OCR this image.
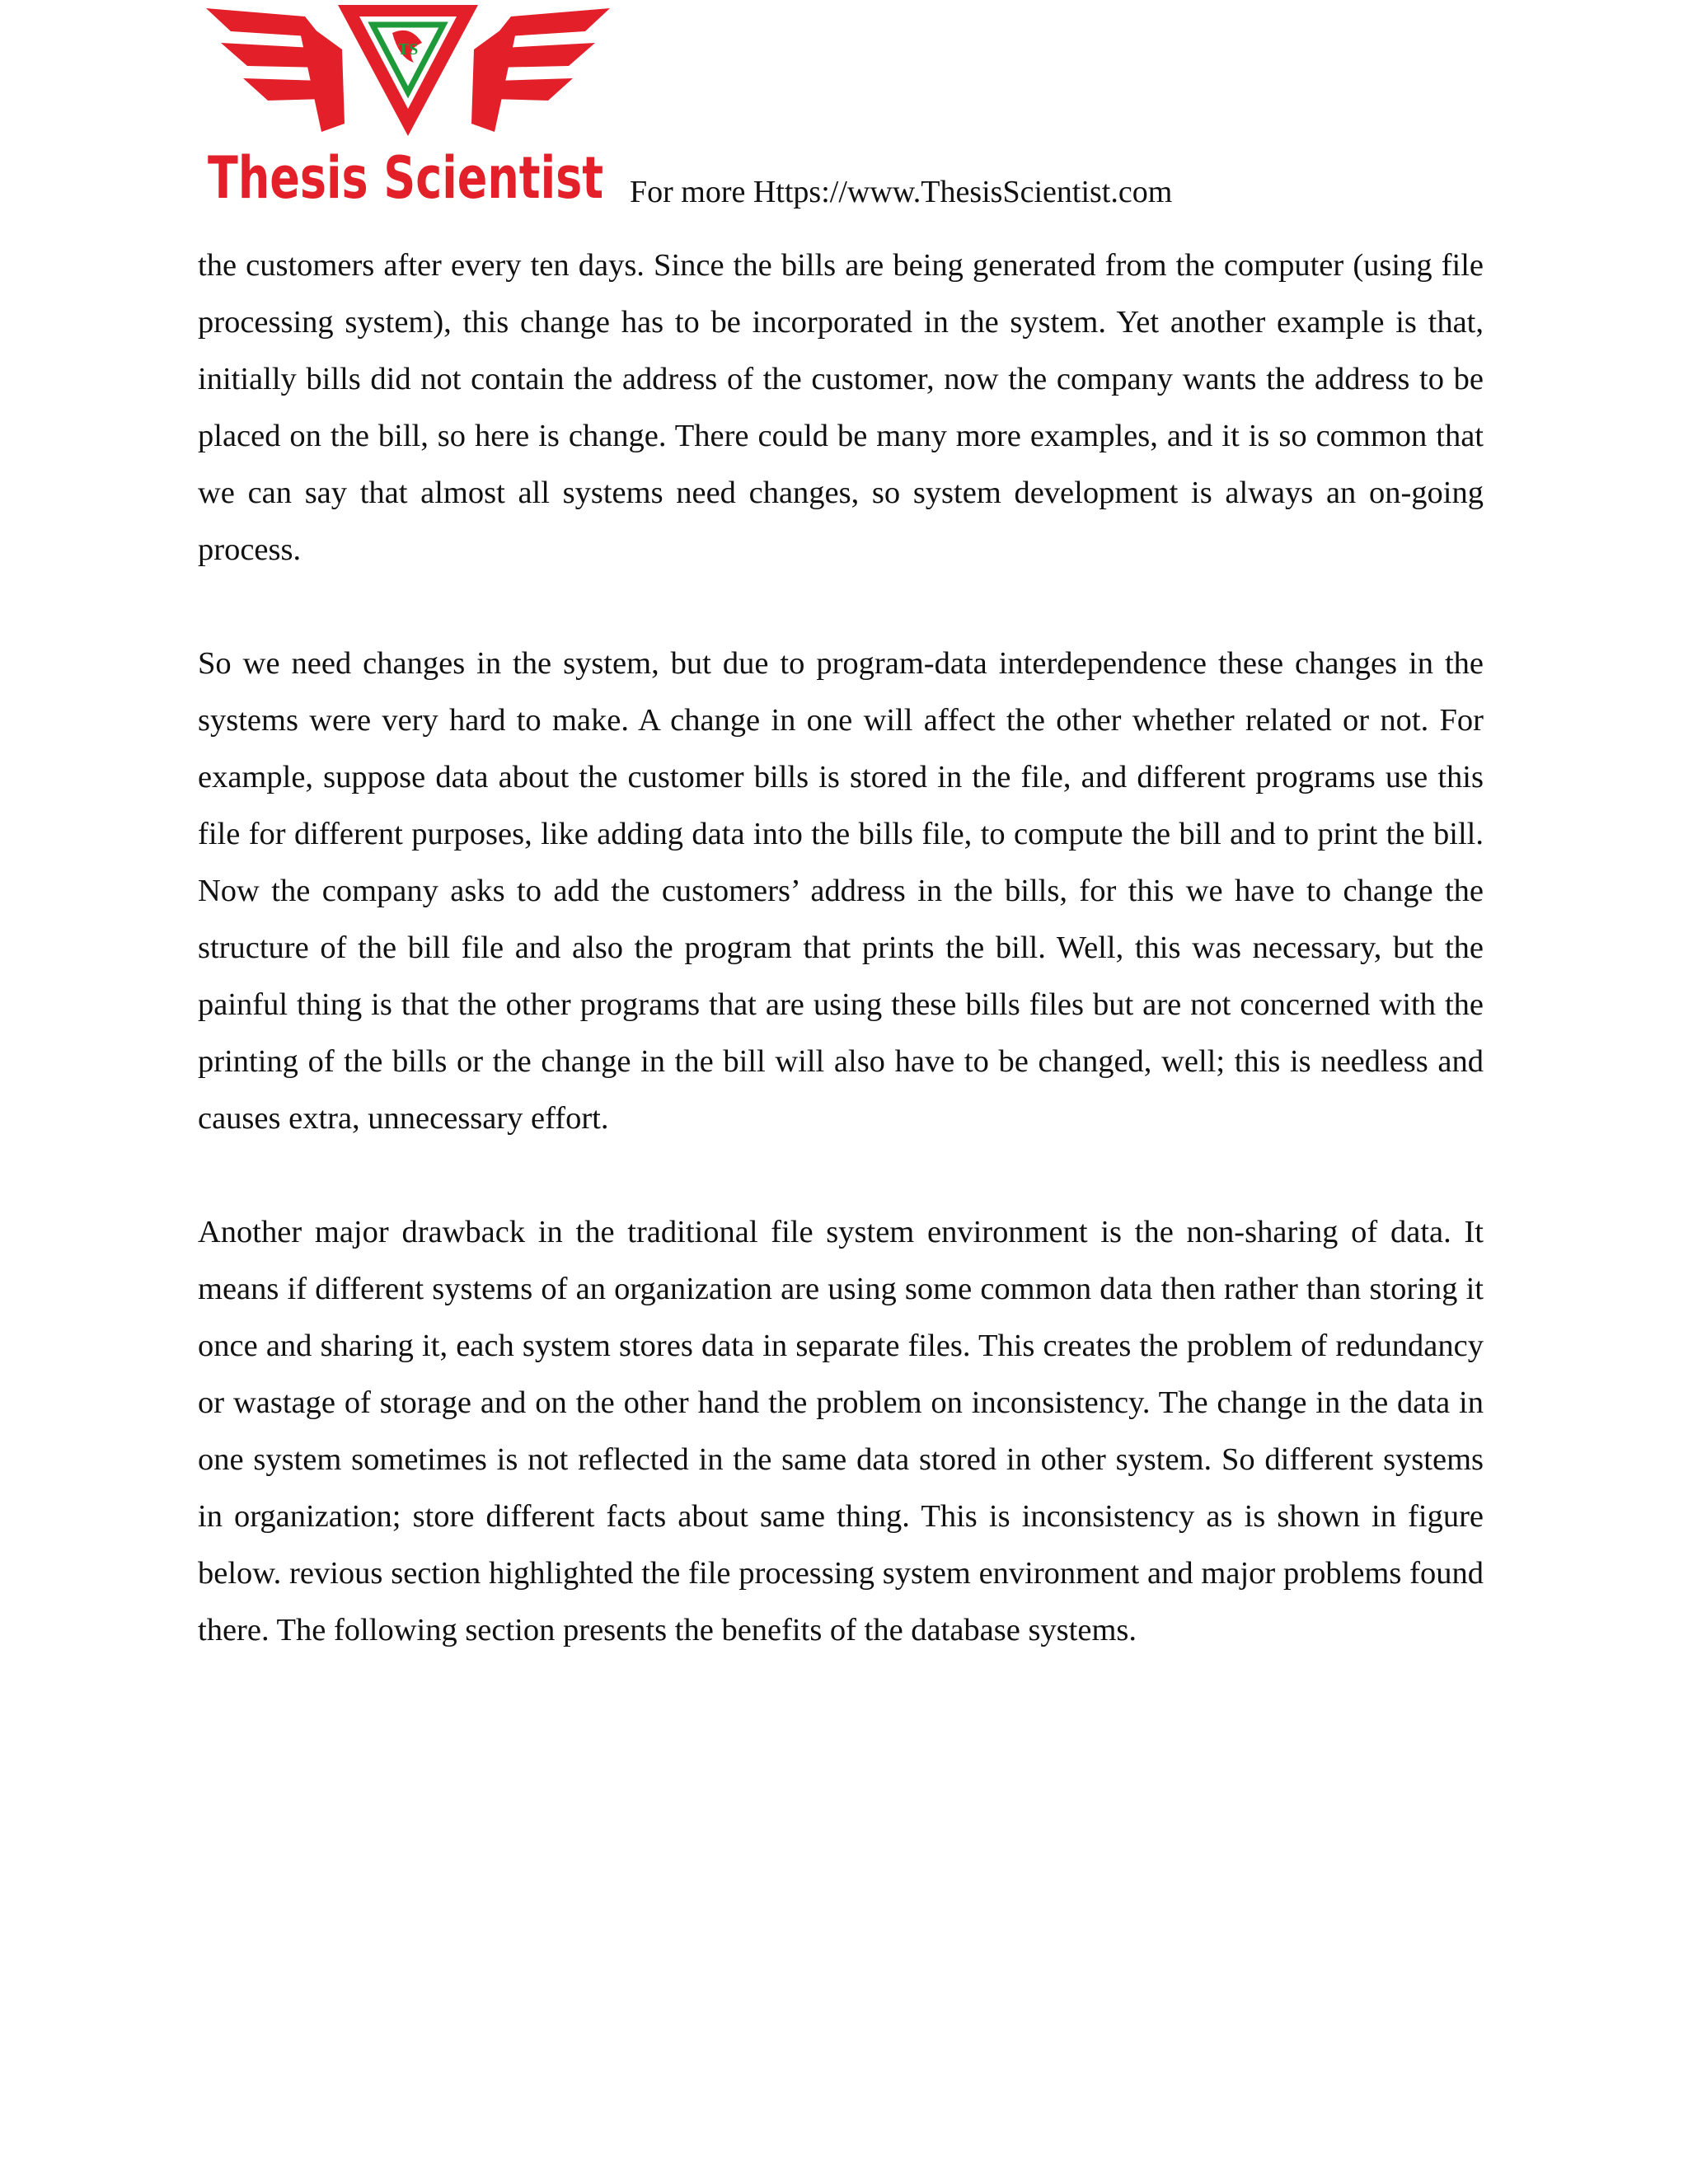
TS
Thesis Scientist For more Https://www.ThesisScientist.com

the customers after every ten days. Since the bills are being generated from the computer (using file processing system), this change has to be incorporated in the system. Yet another example is that, initially bills did not contain the address of the customer, now the company wants the address to be placed on the bill, so here is change. There could be many more examples, and it is so common that we can say that almost all systems need changes, so system development is always an on-going process.

So we need changes in the system, but due to program-data interdependence these changes in the systems were very hard to make. A change in one will affect the other whether related or not. For example, suppose data about the customer bills is stored in the file, and different programs use this file for different purposes, like adding data into the bills file, to compute the bill and to print the bill. Now the company asks to add the customers’ address in the bills, for this we have to change the structure of the bill file and also the program that prints the bill. Well, this was necessary, but the painful thing is that the other programs that are using these bills files but are not concerned with the printing of the bills or the change in the bill will also have to be changed, well; this is needless and causes extra, unnecessary effort.

Another major drawback in the traditional file system environment is the non-sharing of data. It means if different systems of an organization are using some common data then rather than storing it once and sharing it, each system stores data in separate files. This creates the problem of redundancy or wastage of storage and on the other hand the problem on inconsistency. The change in the data in one system sometimes is not reflected in the same data stored in other system. So different systems in organization; store different facts about same thing. This is inconsistency as is shown in figure below. revious section highlighted the file processing system environment and major problems found there. The following section presents the benefits of the database systems.
